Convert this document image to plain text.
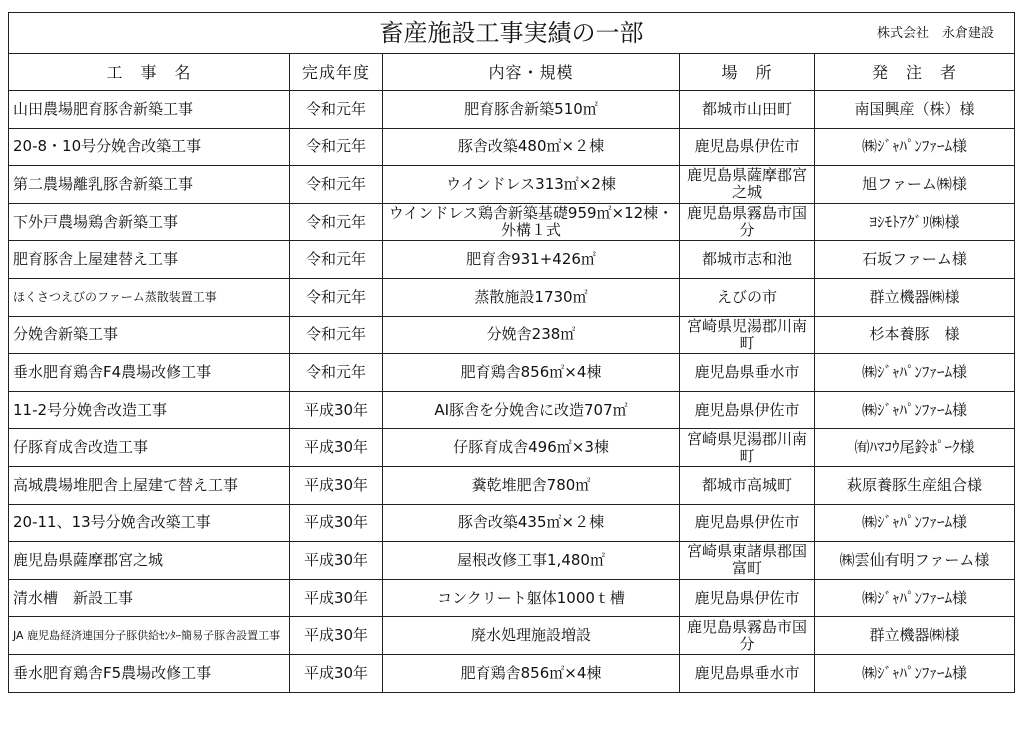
畜産施設工事実績の一部 株式会社　永倉建設				

工　事　名	完成年度	内容・規模	場　所	発　注　者
山田農場肥育豚舎新築工事	令和元年	肥育豚舎新築510㎡	都城市山田町	南国興産（株）様
20-8・10号分娩舎改築工事	令和元年	豚舎改築480㎡×２棟	鹿児島県伊佐市	㈱ｼﾞｬﾊﾟﾝﾌｧｰﾑ様
第二農場離乳豚舎新築工事	令和元年	ウインドレス313㎡×2棟	鹿児島県薩摩郡宮之城	旭ファーム㈱様
下外戸農場鶏舎新築工事	令和元年	ウインドレス鶏舎新築基礎959㎡×12棟・外構１式	鹿児島県霧島市国分	ﾖｼﾓﾄｱｸﾞﾘ㈱様
肥育豚舎上屋建替え工事	令和元年	肥育舎931+426㎡	都城市志和池	石坂ファーム様
ほくさつえびのファーム蒸散装置工事	令和元年	蒸散施設1730㎡	えびの市	群立機器㈱様
分娩舎新築工事	令和元年	分娩舎238㎡	宮崎県児湯郡川南町	杉本養豚　様
垂水肥育鶏舎F4農場改修工事	令和元年	肥育鶏舎856㎡×4棟	鹿児島県垂水市	㈱ｼﾞｬﾊﾟﾝﾌｧｰﾑ様
11-2号分娩舎改造工事	平成30年	AI豚舎を分娩舎に改造707㎡	鹿児島県伊佐市	㈱ｼﾞｬﾊﾟﾝﾌｧｰﾑ様
仔豚育成舎改造工事	平成30年	仔豚育成舎496㎡×3棟	宮崎県児湯郡川南町	㈲ﾊﾏｺｳ尾鈴ﾎﾟｰｸ様
高城農場堆肥舎上屋建て替え工事	平成30年	糞乾堆肥舎780㎡	都城市高城町	萩原養豚生産組合様
20-11、13号分娩舎改築工事	平成30年	豚舎改築435㎡×２棟	鹿児島県伊佐市	㈱ｼﾞｬﾊﾟﾝﾌｧｰﾑ様
鹿児島県薩摩郡宮之城	平成30年	屋根改修工事1,480㎡	宮崎県東諸県郡国富町	㈱雲仙有明ファーム様
清水槽　新設工事	平成30年	コンクリート躯体1000ｔ槽	鹿児島県伊佐市	㈱ｼﾞｬﾊﾟﾝﾌｧｰﾑ様
JA 鹿児島経済連国分子豚供給ｾﾝﾀｰ簡易子豚舎設置工事	平成30年	廃水処理施設増設	鹿児島県霧島市国分	群立機器㈱様
垂水肥育鶏舎F5農場改修工事	平成30年	肥育鶏舎856㎡×4棟	鹿児島県垂水市	㈱ｼﾞｬﾊﾟﾝﾌｧｰﾑ様
